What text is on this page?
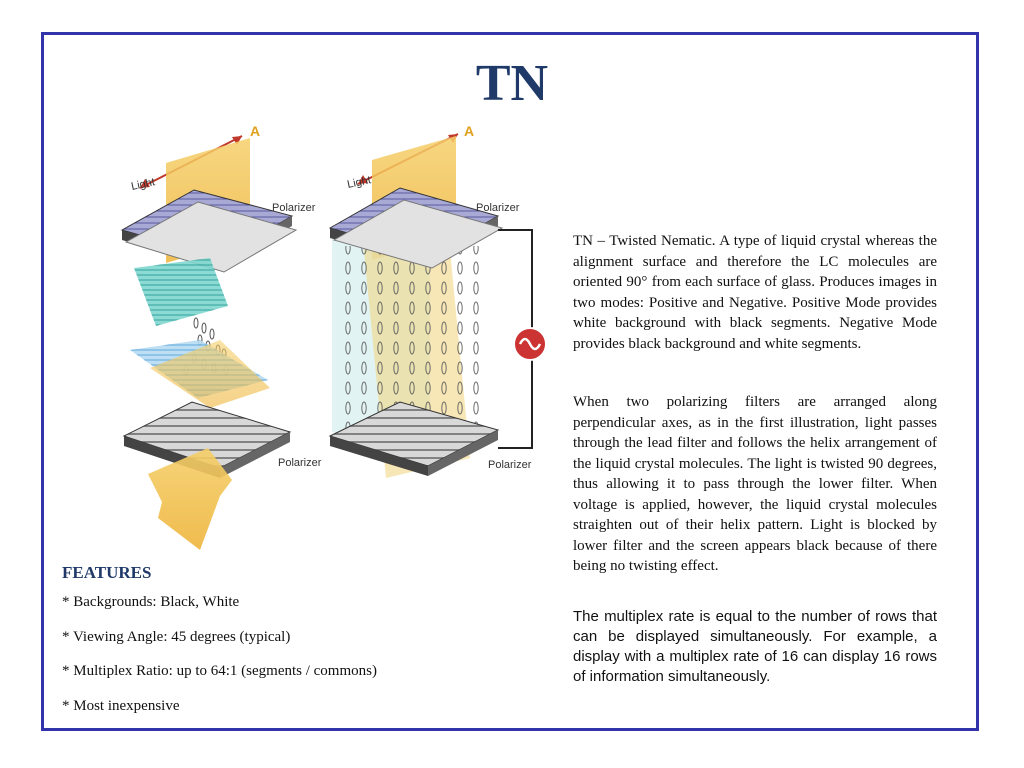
TN
Light
A
Polarizer
Polarizer
Light
A
Polarizer
Polarizer

TN – Twisted Nematic. A type of liquid crystal whereas the alignment surface and therefore the LC molecules are oriented 90° from each surface of glass. Produces images in two modes: Positive and Negative. Positive Mode provides white background with black segments. Negative Mode provides black background and white segments.

When two polarizing filters are arranged along perpendicular axes, as in the first illustration, light passes through the lead filter and follows the helix arrangement of the liquid crystal molecules. The light is twisted 90 degrees, thus allowing it to pass through the lower filter. When voltage is applied, however, the liquid crystal molecules straighten out of their helix pattern. Light is blocked by lower filter and the screen appears black because of there being no twisting effect.

The multiplex rate is equal to the number of rows that can be displayed simultaneously. For example, a display with a multiplex rate of 16 can display 16 rows of information simultaneously.

FEATURES

* Backgrounds: Black, White

* Viewing Angle: 45 degrees (typical)

* Multiplex Ratio: up to 64:1 (segments / commons)

* Most inexpensive
